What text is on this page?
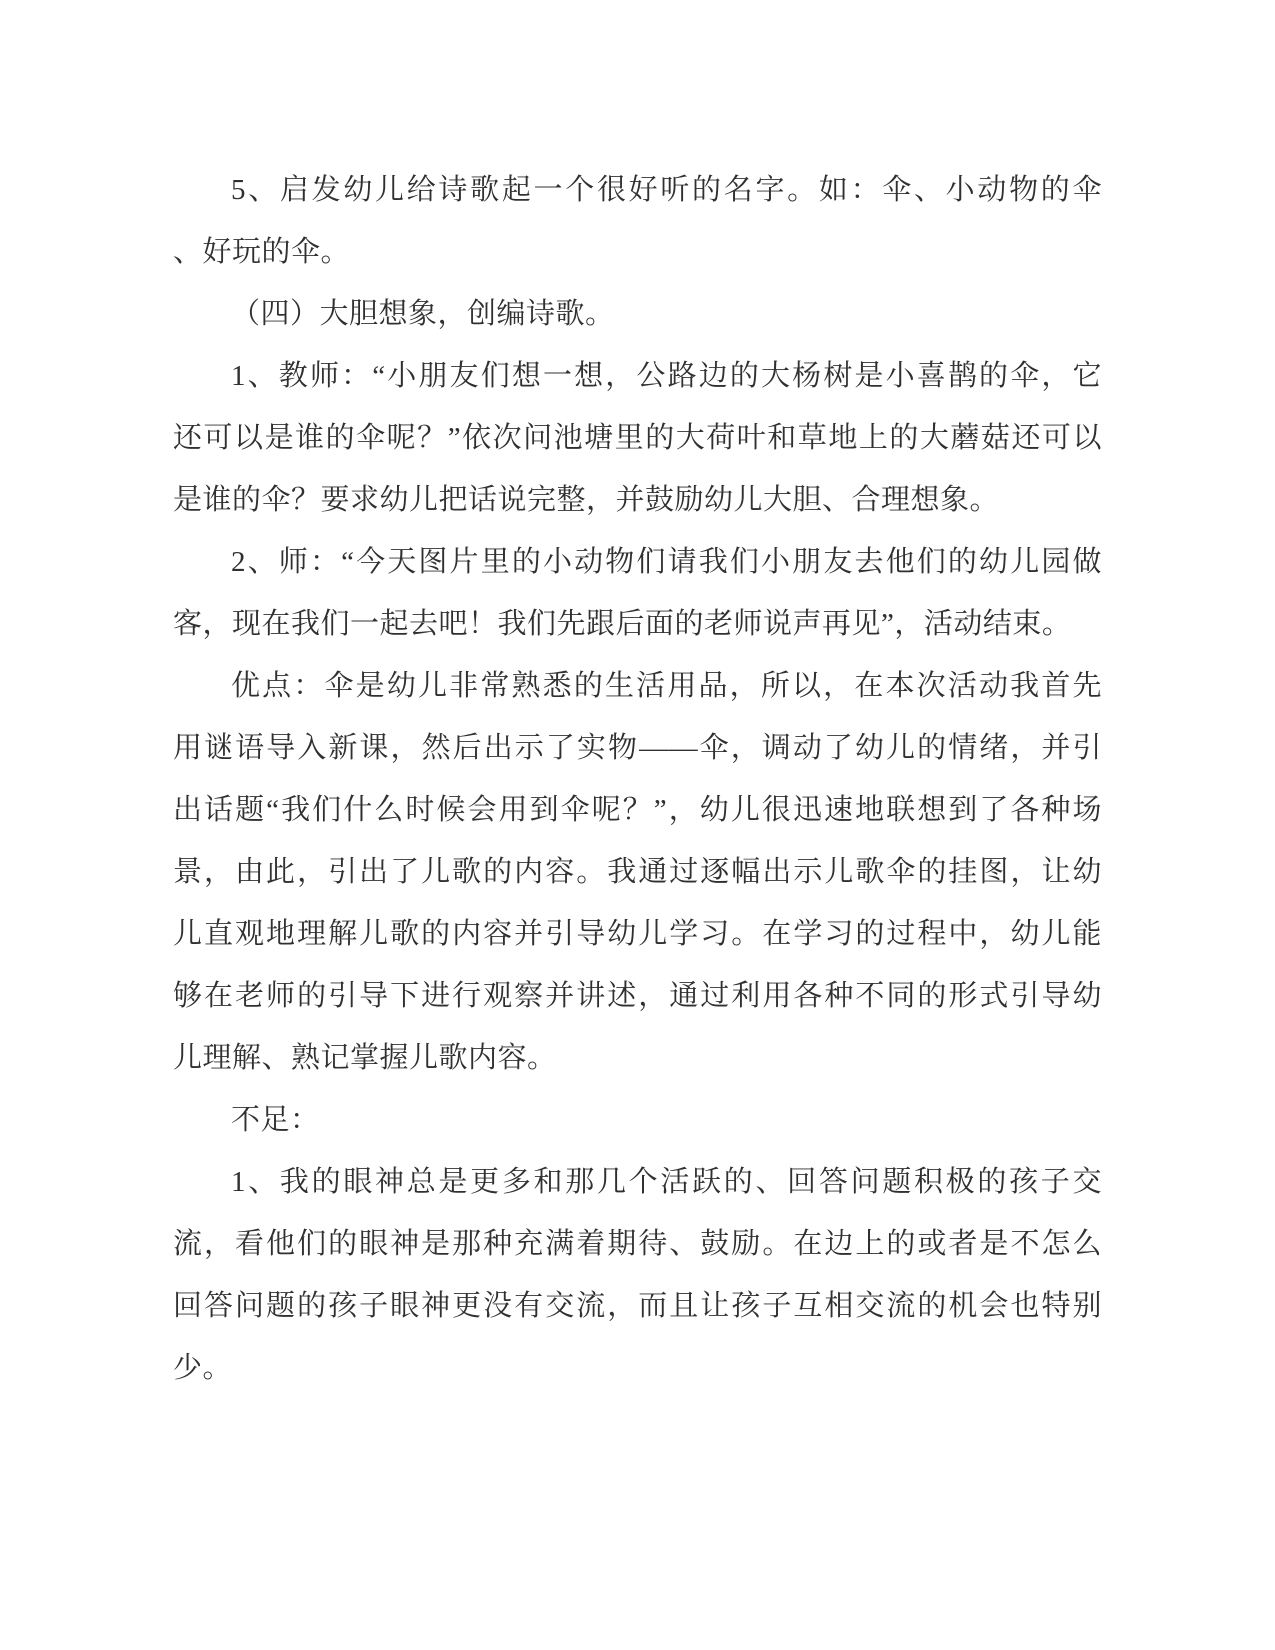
5、启发幼儿给诗歌起一个很好听的名字。如：伞、小动物的伞
、好玩的伞。
（四）大胆想象，创编诗歌。
1、教师：“小朋友们想一想，公路边的大杨树是小喜鹊的伞，它
还可以是谁的伞呢？”依次问池塘里的大荷叶和草地上的大蘑菇还可以
是谁的伞？要求幼儿把话说完整，并鼓励幼儿大胆、合理想象。
2、师：“今天图片里的小动物们请我们小朋友去他们的幼儿园做
客，现在我们一起去吧！我们先跟后面的老师说声再见”，活动结束。
优点：伞是幼儿非常熟悉的生活用品，所以，在本次活动我首先
用谜语导入新课，然后出示了实物——伞，调动了幼儿的情绪，并引
出话题“我们什么时候会用到伞呢？”，幼儿很迅速地联想到了各种场
景，由此，引出了儿歌的内容。我通过逐幅出示儿歌伞的挂图，让幼
儿直观地理解儿歌的内容并引导幼儿学习。在学习的过程中，幼儿能
够在老师的引导下进行观察并讲述，通过利用各种不同的形式引导幼
儿理解、熟记掌握儿歌内容。
不足：
1、我的眼神总是更多和那几个活跃的、回答问题积极的孩子交
流，看他们的眼神是那种充满着期待、鼓励。在边上的或者是不怎么
回答问题的孩子眼神更没有交流，而且让孩子互相交流的机会也特别
少。
